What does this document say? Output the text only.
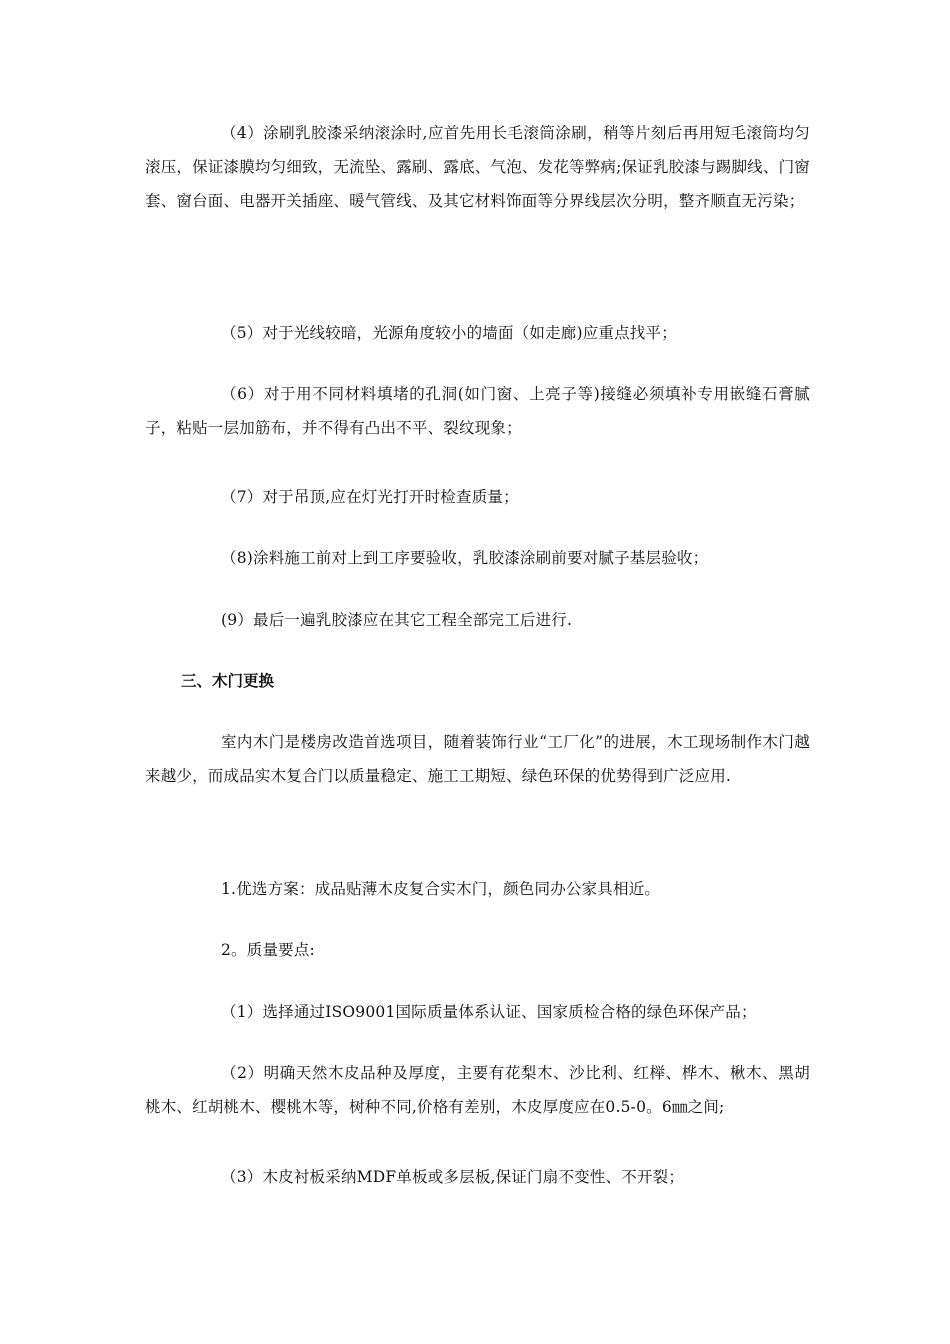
（4）涂刷乳胶漆采纳滚涂时,应首先用长毛滚筒涂刷，稍等片刻后再用短毛滚筒均匀滚压，保证漆膜均匀细致，无流坠、露刷、露底、气泡、发花等弊病;保证乳胶漆与踢脚线、门窗套、窗台面、电器开关插座、暖气管线、及其它材料饰面等分界线层次分明，整齐顺直无污染；

（5）对于光线较暗，光源角度较小的墙面（如走廊)应重点找平；

（6）对于用不同材料填堵的孔洞(如门窗、上亮子等)接缝必须填补专用嵌缝石膏腻子，粘贴一层加筋布，并不得有凸出不平、裂纹现象；

（7）对于吊顶,应在灯光打开时检查质量；

（8)涂料施工前对上到工序要验收，乳胶漆涂刷前要对腻子基层验收；

(9）最后一遍乳胶漆应在其它工程全部完工后进行.

三、木门更换

室内木门是楼房改造首选项目，随着装饰行业“工厂化”的进展，木工现场制作木门越来越少，而成品实木复合门以质量稳定、施工工期短、绿色环保的优势得到广泛应用.

1.优选方案：成品贴薄木皮复合实木门，颜色同办公家具相近。

2。质量要点:

（1）选择通过ISO9001国际质量体系认证、国家质检合格的绿色环保产品；

（2）明确天然木皮品种及厚度，主要有花梨木、沙比利、红榉、桦木、楸木、黑胡桃木、红胡桃木、樱桃木等，树种不同,价格有差别，木皮厚度应在0.5-0。6㎜之间;

（3）木皮衬板采纳MDF单板或多层板,保证门扇不变性、不开裂；
